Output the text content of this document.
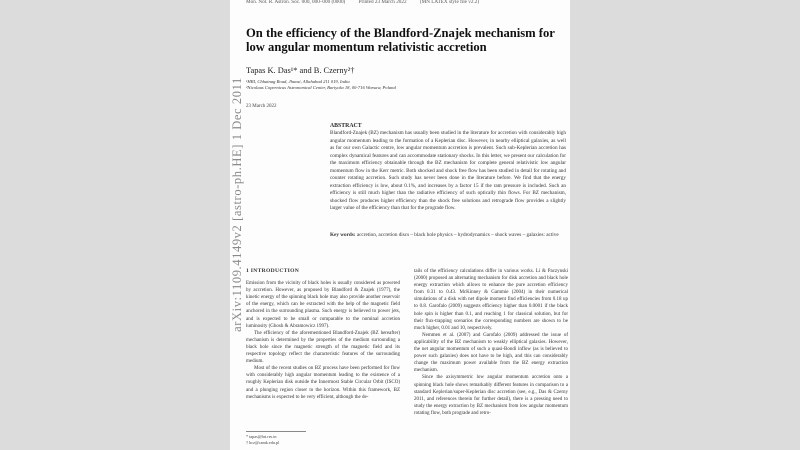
Mon. Not. R. Astron. Soc. 000, 000–000 (0000)	Printed 23 March 2022	(MN LATEX style file v2.2)
On the efficiency of the Blandford-Znajek mechanism for low angular momentum relativistic accretion
Tapas K. Das¹* and B. Czerny²†
¹HRI, Chhatnag Road, Jhunsi, Allahabad 211 019, India
²Nicolaus Copernicus Astronomical Center, Bartycka 18, 00-716 Warsaw, Poland
23 March 2022
ABSTRACT
Blandford-Znajek (BZ) mechanism has usually been studied in the literature for accretion with considerably high angular momentum leading to the formation of a Keplerian disc. However, in nearby elliptical galaxies, as well as for our own Galactic centre, low angular momentum accretion is prevalent. Such sub-Keplerian accretion has complex dynamical features and can accommodate stationary shocks. In this letter, we present our calculation for the maximum efficiency obtainable through the BZ mechanism for complete general relativistic low angular momentum flow in the Kerr metric. Both shocked and shock free flow has been studied in detail for rotating and counter rotating accretion. Such study has never been done in the literature before. We find that the energy extraction efficiency is low, about 0.1%, and increases by a factor 15 if the ram pressure is included. Such an efficiency is still much higher than the radiative efficiency of such optically thin flows. For BZ mechanism, shocked flow produces higher efficiency than the shock free solutions and retrograde flow provides a slightly larger value of the efficiency than that for the prograde flow.
Key words: accretion, accretion discs – black hole physics – hydrodynamics – shock waves – galaxies: active
1 INTRODUCTION

Emission from the vicinity of black holes is usually considered as powered by accretion. However, as proposed by Blandford & Znajek (1977), the kinetic energy of the spinning black hole may also provide another reservoir of the energy, which can be extracted with the help of the magnetic field anchored in the surrounding plasma. Such energy is believed to power jets, and is expected to be small or comparable to the nominal accretion luminosity (Ghosh & Abramowicz 1997).

The efficiency of the aforementioned Blandford-Znajek (BZ hereafter) mechanism is determined by the properties of the medium surrounding a black hole since the magnetic strength of the magnetic field and its respective topology reflect the characteristic features of the surrounding medium.

Most of the recent studies on BZ process have been performed for flow with considerably high angular momentum leading to the existence of a roughly Keplerian disk outside the Innermost Stable Circular Orbit (ISCO) and a plunging region closer to the horizon. Within this framework, BZ mechanisms is expected to be very efficient, although the de-

tails of the efficiency calculations differ in various works. Li & Paczynski (2000) proposed an alternating mechanism for disk accretion and black hole energy extraction which allows to enhance the pure accretion efficiency from 0.31 to 0.43. McKinney & Gammie (2004) in their numerical simulations of a disk with net dipole moment find efficiencies from 0.18 up to 0.8. Garofalo (2009) suggests efficiency higher than 0.0001 if the black hole spin is higher than 0.1, and reaching 1 for classical solution, but for their flux-trapping scenarios the corresponding numbers are shown to be much higher, 0.01 and 10, respectively.

Nemmen et al. (2007) and Garofalo (2009) addressed the issue of applicability of the BZ mechanism to weakly elliptical galaxies. However, the net angular momentum of such a quasi-Bondi inflow (as is believed to power such galaxies) does not have to be high, and this can considerably change the maximum power available from the BZ energy extraction mechanism.

Since the axisymmetric low angular momentum accretion onto a spinning black hole shows remarkably different features in comparison to a standard Keplerian/super-Keplerian disc accretion (see, e.g., Das & Czerny 2011, and references therein for further detail), there is a pressing need to study the energy extraction by BZ mechanism from low angular momentum rotating flow, both prograde and retro-

* tapas@hri.res.in
† bcz@camk.edu.pl
arXiv:1109.4149v2 [astro-ph.HE] 1 Dec 2011
